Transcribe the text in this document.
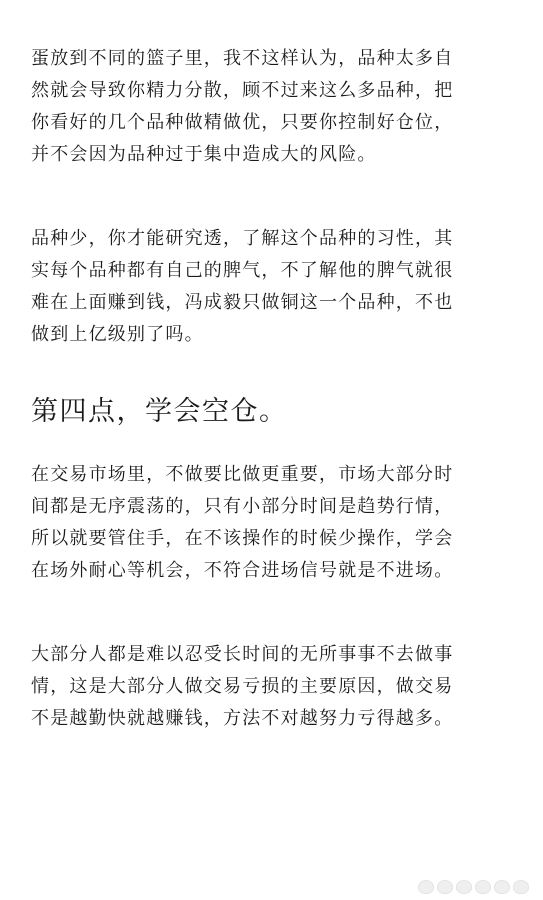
蛋放到不同的篮子里，我不这样认为，品种太多自
然就会导致你精力分散，顾不过来这么多品种，把
你看好的几个品种做精做优，只要你控制好仓位，
并不会因为品种过于集中造成大的风险。
品种少，你才能研究透，了解这个品种的习性，其
实每个品种都有自己的脾气，不了解他的脾气就很
难在上面赚到钱，冯成毅只做铜这一个品种，不也
做到上亿级别了吗。
第四点，学会空仓。
在交易市场里，不做要比做更重要，市场大部分时
间都是无序震荡的，只有小部分时间是趋势行情，
所以就要管住手，在不该操作的时候少操作，学会
在场外耐心等机会，不符合进场信号就是不进场。
大部分人都是难以忍受长时间的无所事事不去做事
情，这是大部分人做交易亏损的主要原因，做交易
不是越勤快就越赚钱，方法不对越努力亏得越多。
